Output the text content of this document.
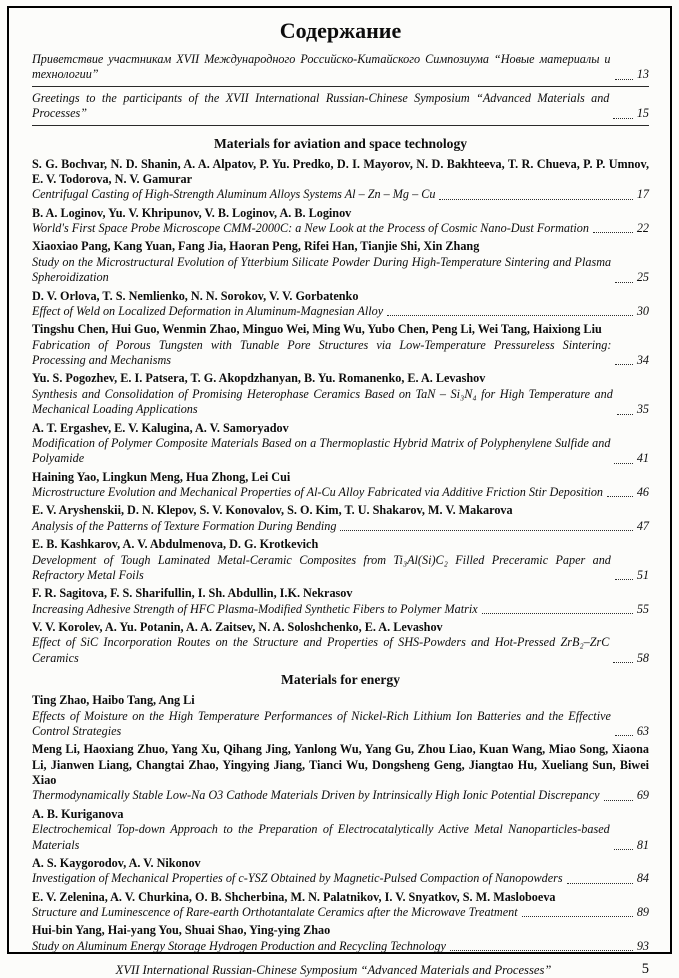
Содержание
Приветствие участникам XVII Международного Российско-Китайского Симпозиума “Новые материалы и технологии”	13
Greetings to the participants of the XVII International Russian-Chinese Symposium “Advanced Materials and Processes”	15
Materials for aviation and space technology
S. G. Bochvar, N. D. Shanin, A. A. Alpatov, P. Yu. Predko, D. I. Mayorov, N. D. Bakhteeva, T. R. Chueva, P. P. Umnov, E. V. Todorova, N. V. Gamurar
Centrifugal Casting of High-Strength Aluminum Alloys Systems Al – Zn – Mg – Cu	17
B. A. Loginov, Yu. V. Khripunov, V. B. Loginov, A. B. Loginov
World's First Space Probe Microscope CMM-2000C: a New Look at the Process of Cosmic Nano-Dust Formation	22
Xiaoxiao Pang, Kang Yuan, Fang Jia, Haoran Peng, Rifei Han, Tianjie Shi, Xin Zhang
Study on the Microstructural Evolution of Ytterbium Silicate Powder During High-Temperature Sintering and Plasma Spheroidization	25
D. V. Orlova, T. S. Nemlienko, N. N. Sorokov, V. V. Gorbatenko
Effect of Weld on Localized Deformation in Aluminum-Magnesian Alloy	30
Tingshu Chen, Hui Guo, Wenmin Zhao, Minguo Wei, Ming Wu, Yubo Chen, Peng Li, Wei Tang, Haixiong Liu
Fabrication of Porous Tungsten with Tunable Pore Structures via Low-Temperature Pressureless Sintering: Processing and Mechanisms	34
Yu. S. Pogozhev, E. I. Patsera, T. G. Akopdzhanyan, B. Yu. Romanenko, E. A. Levashov
Synthesis and Consolidation of Promising Heterophase Ceramics Based on TaN – Si₃N₄ for High Temperature and Mechanical Loading Applications	35
A. T. Ergashev, E. V. Kalugina, A. V. Samoryadov
Modification of Polymer Composite Materials Based on a Thermoplastic Hybrid Matrix of Polyphenylene Sulfide and Polyamide	41
Haining Yao, Lingkun Meng, Hua Zhong, Lei Cui
Microstructure Evolution and Mechanical Properties of Al-Cu Alloy Fabricated via Additive Friction Stir Deposition	46
E. V. Aryshenskii, D. N. Klepov, S. V. Konovalov, S. O. Kim, T. U. Shakarov, M. V. Makarova
Analysis of the Patterns of Texture Formation During Bending	47
E. B. Kashkarov, A. V. Abdulmenova, D. G. Krotkevich
Development of Tough Laminated Metal-Ceramic Composites from Ti₃Al(Si)C₂ Filled Preceramic Paper and Refractory Metal Foils	51
F. R. Sagitova, F. S. Sharifullin, I. Sh. Abdullin, I.K. Nekrasov
Increasing Adhesive Strength of HFC Plasma-Modified Synthetic Fibers to Polymer Matrix	55
V. V. Korolev, A. Yu. Potanin, A. A. Zaitsev, N. A. Soloshchenko, E. A. Levashov
Effect of SiC Incorporation Routes on the Structure and Properties of SHS-Powders and Hot-Pressed ZrB₂–ZrC Ceramics	58
Materials for energy
Ting Zhao, Haibo Tang, Ang Li
Effects of Moisture on the High Temperature Performances of Nickel-Rich Lithium Ion Batteries and the Effective Control Strategies	63
Meng Li, Haoxiang Zhuo, Yang Xu, Qihang Jing, Yanlong Wu, Yang Gu, Zhou Liao, Kuan Wang, Miao Song, Xiaona Li, Jianwen Liang, Changtai Zhao, Yingying Jiang, Tianci Wu, Dongsheng Geng, Jiangtao Hu, Xueliang Sun, Biwei Xiao
Thermodynamically Stable Low-Na O3 Cathode Materials Driven by Intrinsically High Ionic Potential Discrepancy	69
A. B. Kuriganova
Electrochemical Top-down Approach to the Preparation of Electrocatalytically Active Metal Nanoparticles-based Materials	81
A. S. Kaygorodov, A. V. Nikonov
Investigation of Mechanical Properties of c-YSZ Obtained by Magnetic-Pulsed Compaction of Nanopowders	84
E. V. Zelenina, A. V. Churkina, O. B. Shcherbina, M. N. Palatnikov, I. V. Snyatkov, S. M. Masloboeva
Structure and Luminescence of Rare-earth Orthotantalate Ceramics after the Microwave Treatment	89
Hui-bin Yang, Hai-yang You, Shuai Shao, Ying-ying Zhao
Study on Aluminum Energy Storage Hydrogen Production and Recycling Technology	93
XVII International Russian-Chinese Symposium “Advanced Materials and Processes”	5
